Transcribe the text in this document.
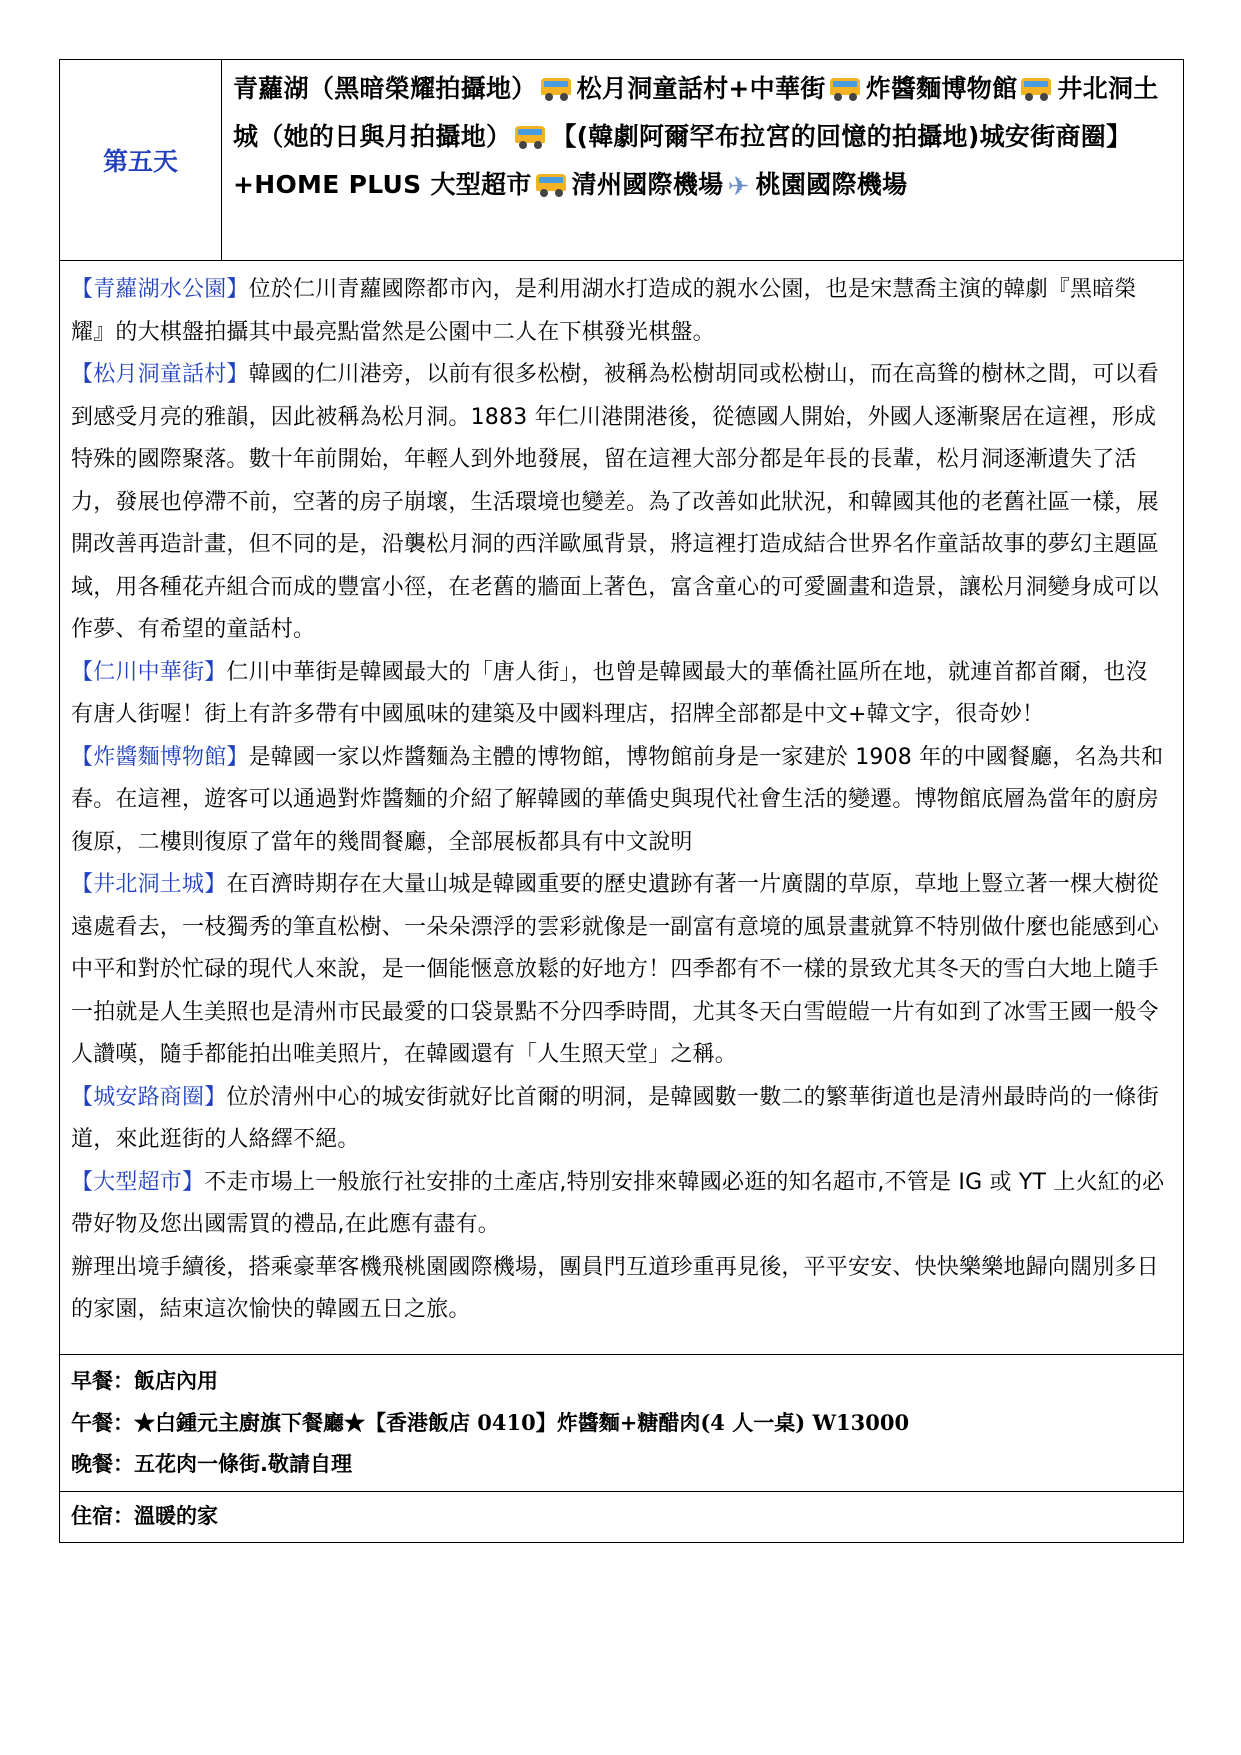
第五天
青蘿湖（黑暗榮耀拍攝地） 松月洞童話村+中華街 炸醬麵博物館 井北洞土城（她的日與月拍攝地） 【(韓劇阿爾罕布拉宮的回憶的拍攝地)城安街商圈】+HOME PLUS 大型超市 清州國際機場 ✈ 桃園國際機場

【青蘿湖水公園】位於仁川青蘿國際都市內，是利用湖水打造成的親水公園，也是宋慧喬主演的韓劇『黑暗榮耀』的大棋盤拍攝其中最亮點當然是公園中二人在下棋發光棋盤。

【松月洞童話村】韓國的仁川港旁，以前有很多松樹，被稱為松樹胡同或松樹山，而在高聳的樹林之間，可以看到感受月亮的雅韻，因此被稱為松月洞。1883 年仁川港開港後，從德國人開始，外國人逐漸聚居在這裡，形成特殊的國際聚落。數十年前開始，年輕人到外地發展，留在這裡大部分都是年長的長輩，松月洞逐漸遺失了活力，發展也停滯不前，空著的房子崩壞，生活環境也變差。為了改善如此狀況，和韓國其他的老舊社區一樣，展開改善再造計畫，但不同的是，沿襲松月洞的西洋歐風背景，將這裡打造成結合世界名作童話故事的夢幻主題區域，用各種花卉組合而成的豐富小徑，在老舊的牆面上著色，富含童心的可愛圖畫和造景，讓松月洞變身成可以作夢、有希望的童話村。

【仁川中華街】仁川中華街是韓國最大的「唐人街」，也曾是韓國最大的華僑社區所在地，就連首都首爾，也沒有唐人街喔！街上有許多帶有中國風味的建築及中國料理店，招牌全部都是中文+韓文字，很奇妙！

【炸醬麵博物館】是韓國一家以炸醬麵為主體的博物館，博物館前身是一家建於 1908 年的中國餐廳，名為共和春。在這裡，遊客可以通過對炸醬麵的介紹了解韓國的華僑史與現代社會生活的變遷。博物館底層為當年的廚房復原，二樓則復原了當年的幾間餐廳，全部展板都具有中文說明

【井北洞土城】在百濟時期存在大量山城是韓國重要的歷史遺跡有著一片廣闊的草原，草地上豎立著一棵大樹從遠處看去，一枝獨秀的筆直松樹、一朵朵漂浮的雲彩就像是一副富有意境的風景畫就算不特別做什麼也能感到心中平和對於忙碌的現代人來說，是一個能愜意放鬆的好地方！四季都有不一樣的景致尤其冬天的雪白大地上隨手一拍就是人生美照也是清州市民最愛的口袋景點不分四季時間，尤其冬天白雪皚皚一片有如到了冰雪王國一般令人讚嘆，隨手都能拍出唯美照片，在韓國還有「人生照天堂」之稱。

【城安路商圈】位於清州中心的城安街就好比首爾的明洞，是韓國數一數二的繁華街道也是清州最時尚的一條街道，來此逛街的人絡繹不絕。

【大型超市】不走市場上一般旅行社安排的土產店,特別安排來韓國必逛的知名超市,不管是 IG 或 YT 上火紅的必帶好物及您出國需買的禮品,在此應有盡有。

辦理出境手續後，搭乘豪華客機飛桃園國際機場，團員門互道珍重再見後，平平安安、快快樂樂地歸向闊別多日的家園，結束這次愉快的韓國五日之旅。

早餐：飯店內用
午餐：★白鍾元主廚旗下餐廳★【香港飯店 0410】炸醬麵+糖醋肉(4 人一桌) W13000
晚餐：五花肉一條街.敬請自理
住宿：溫暖的家
